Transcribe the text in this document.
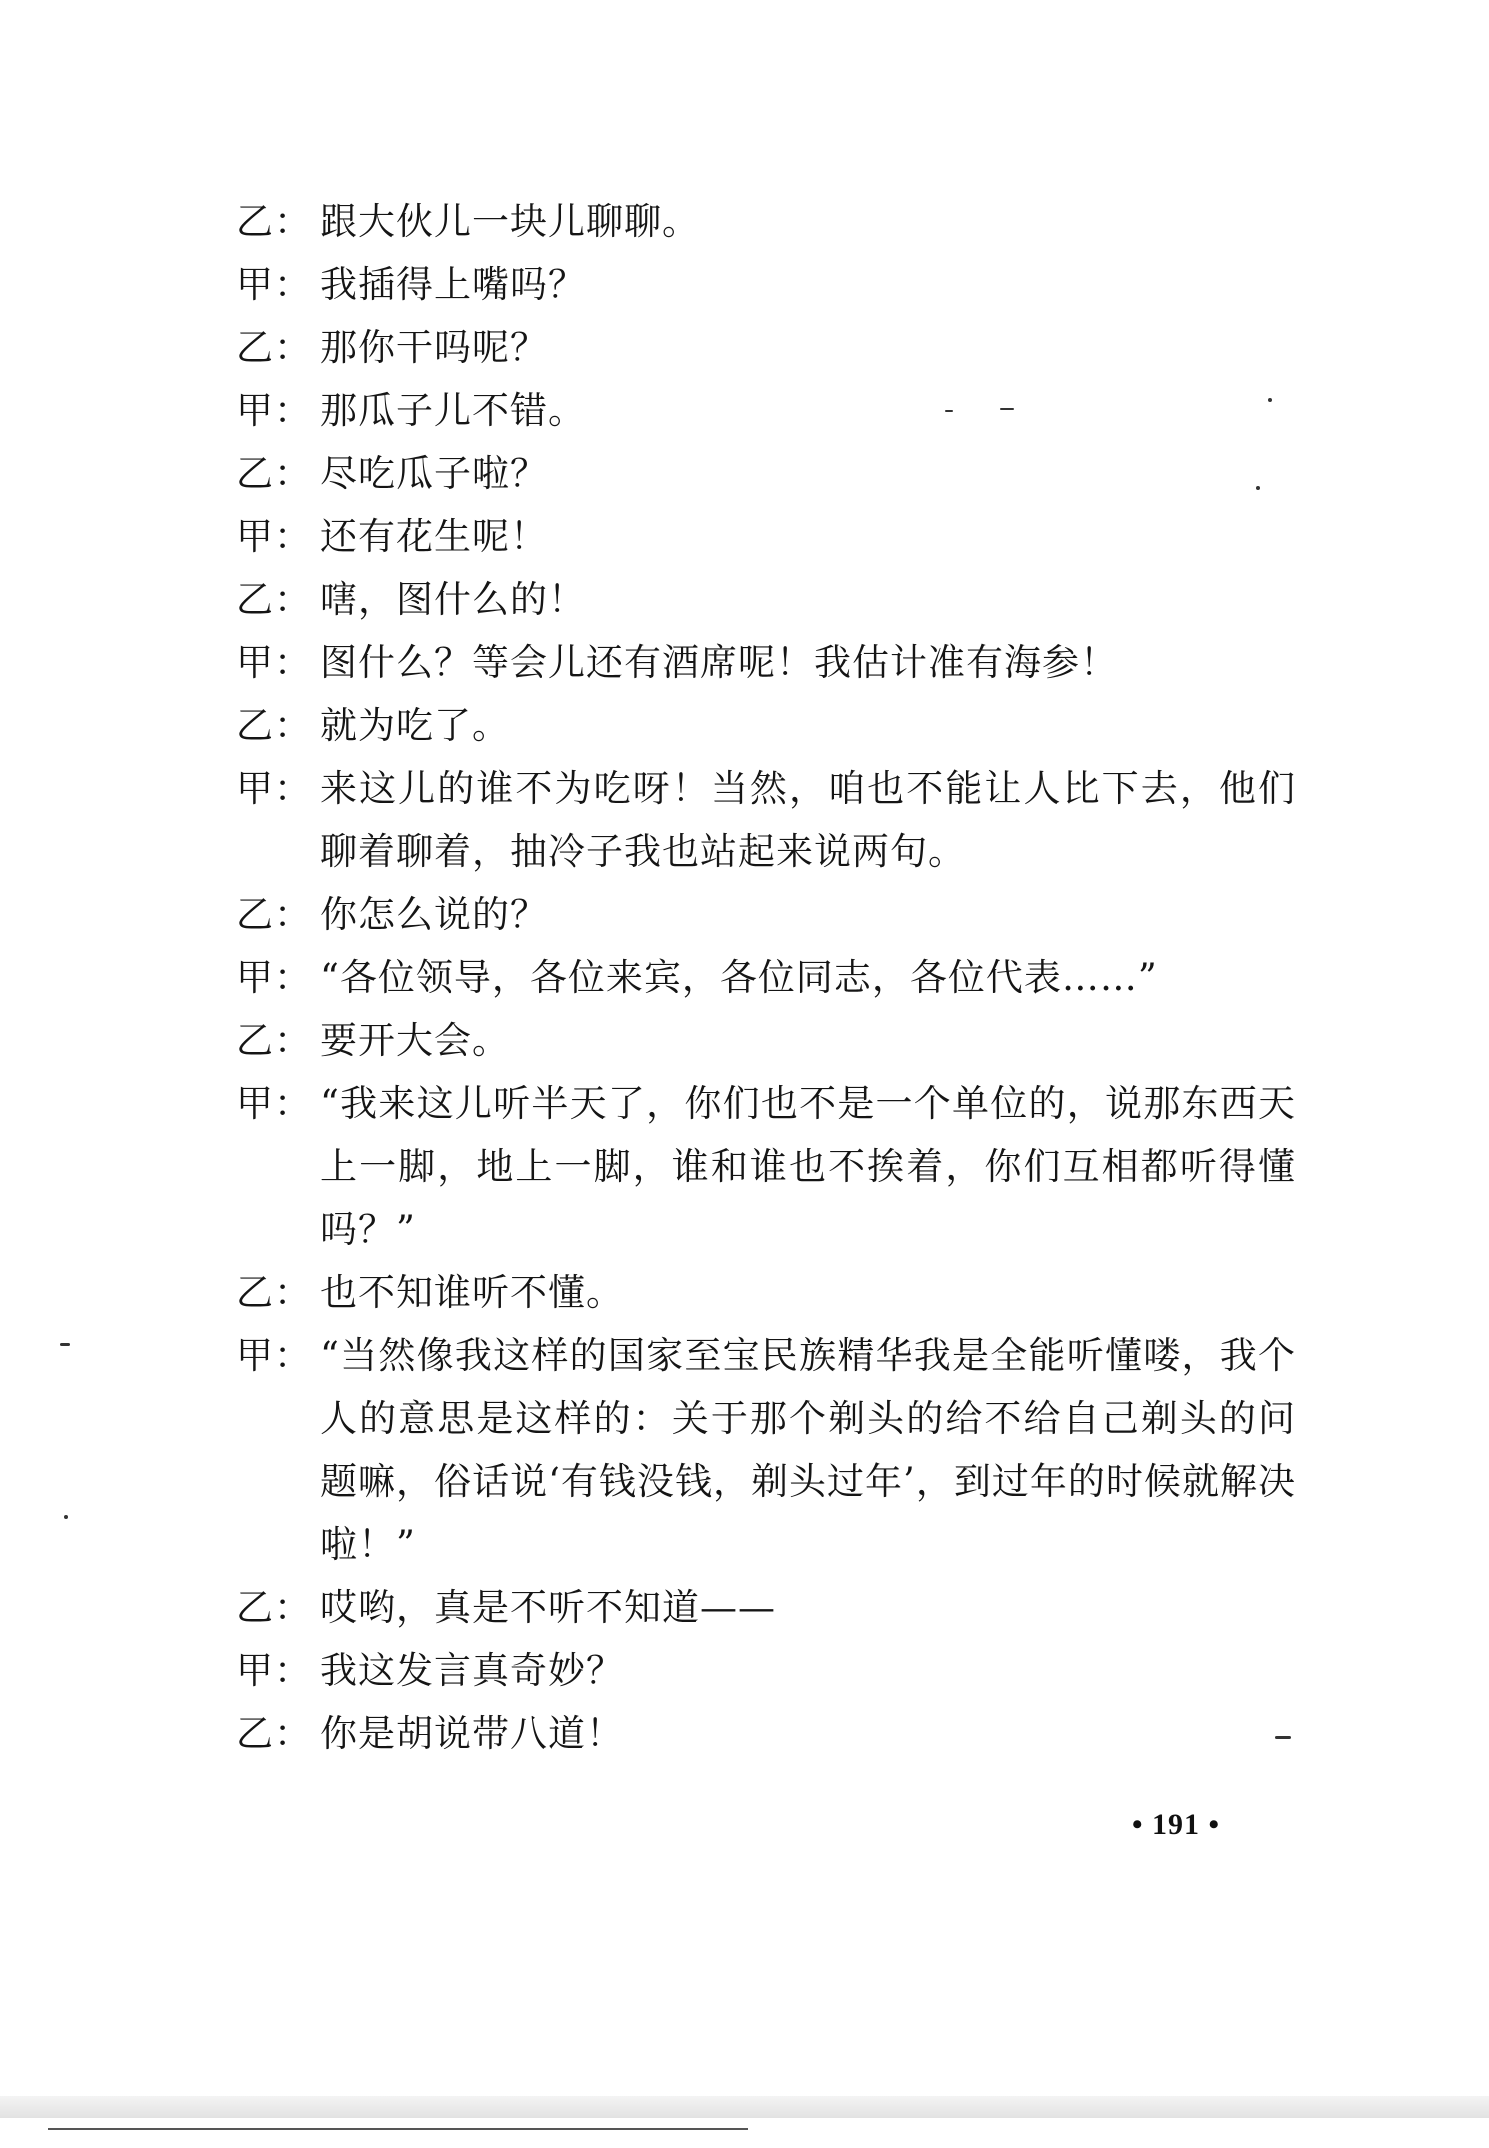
乙： 跟大伙儿一块儿聊聊。
甲： 我插得上嘴吗？
乙： 那你干吗呢？
甲： 那瓜子儿不错。
乙： 尽吃瓜子啦？
甲： 还有花生呢！
乙： 嗐，图什么的！
甲： 图什么？等会儿还有酒席呢！我估计准有海参！
乙： 就为吃了。
甲： 来这儿的谁不为吃呀！当然，咱也不能让人比下去，他们聊着聊着，抽冷子我也站起来说两句。
乙： 你怎么说的？
甲： “各位领导，各位来宾，各位同志，各位代表……”
乙： 要开大会。
甲： “我来这儿听半天了，你们也不是一个单位的，说那东西天上一脚，地上一脚，谁和谁也不挨着，你们互相都听得懂吗？”
乙： 也不知谁听不懂。
甲： “当然像我这样的国家至宝民族精华我是全能听懂喽，我个人的意思是这样的：关于那个剃头的给不给自己剃头的问题嘛，俗话说‘有钱没钱，剃头过年’，到过年的时候就解决啦！”
乙： 哎哟，真是不听不知道——
甲： 我这发言真奇妙？
乙： 你是胡说带八道！
• 191 •
